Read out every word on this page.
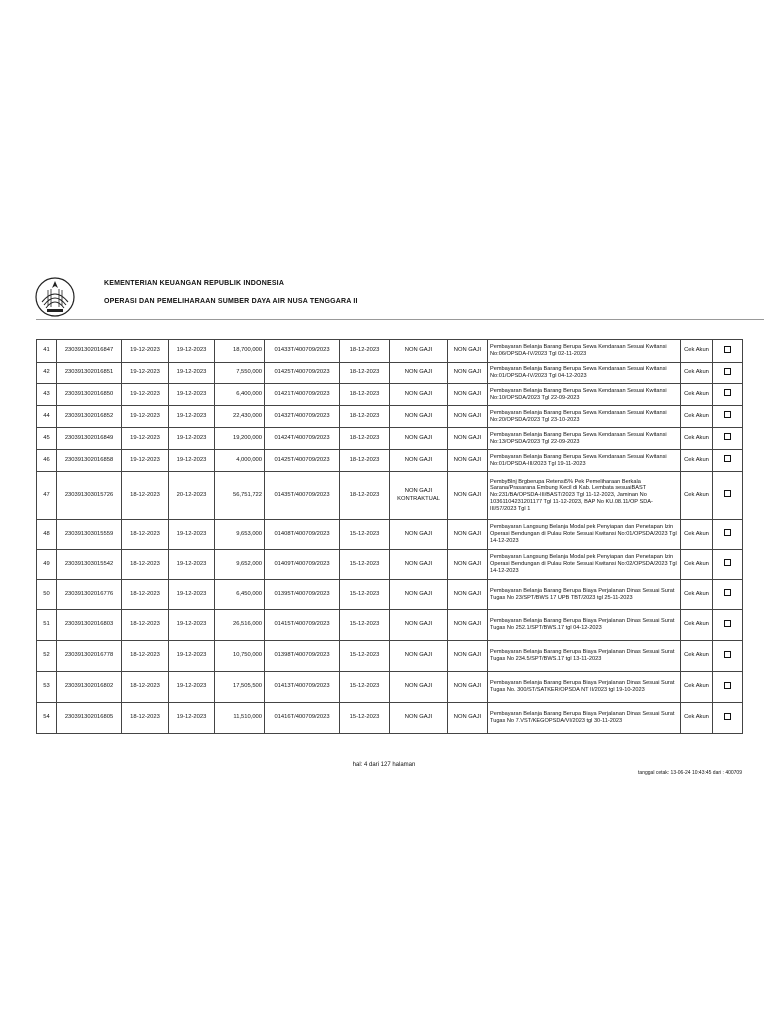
KEMENTERIAN KEUANGAN REPUBLIK INDONESIA
OPERASI DAN PEMELIHARAAN SUMBER DAYA AIR NUSA TENGGARA II
41	230391302016847	19-12-2023	19-12-2023	18,700,000	01433T/400709/2023	18-12-2023	NON GAJI	NON GAJI	Pembayaran Belanja Barang Berupa Sewa Kendaraan Sesuai Kwitansi No:06/OPSDA-IV/2023 Tgl 02-11-2023	Cek Akun	
42	230391302016851	19-12-2023	19-12-2023	7,550,000	01425T/400709/2023	18-12-2023	NON GAJI	NON GAJI	Pembayaran Belanja Barang Berupa Sewa Kendaraan Sesuai Kwitansi No:01/OPSDA-IV/2023 Tgl 04-12-2023	Cek Akun	
43	230391302016850	19-12-2023	19-12-2023	6,400,000	01421T/400709/2023	18-12-2023	NON GAJI	NON GAJI	Pembayaran Belanja Barang Berupa Sewa Kendaraan Sesuai Kwitansi No:10/OPSDA/2023 Tgl 22-09-2023	Cek Akun	
44	230391302016852	19-12-2023	19-12-2023	22,430,000	01432T/400709/2023	18-12-2023	NON GAJI	NON GAJI	Pembayaran Belanja Barang Berupa Sewa Kendaraan Sesuai Kwitansi No:20/OPSDA/2023 Tgl 23-10-2023	Cek Akun	
45	230391302016849	19-12-2023	19-12-2023	19,200,000	01424T/400709/2023	18-12-2023	NON GAJI	NON GAJI	Pembayaran Belanja Barang Berupa Sewa Kendaraan Sesuai Kwitansi No:13/OPSDA/2023 Tgl 22-09-2023	Cek Akun	
46	230391302016858	19-12-2023	19-12-2023	4,000,000	01425T/400709/2023	18-12-2023	NON GAJI	NON GAJI	Pembayaran Belanja Barang Berupa Sewa Kendaraan Sesuai Kwitansi No:01/OPSDA-III/2023 Tgl 19-11-2023	Cek Akun	
47	230391303015726	18-12-2023	20-12-2023	56,751,722	01435T/400709/2023	18-12-2023	NON GAJI KONTRAKTUAL	NON GAJI	PembyBlnj Brgberupa Retensi5% Pek Pemeliharaan Berkala Sarana/Prasarana Embung Kecil di Kab. Lembata sesuaiBAST No:231/BA/OPSDA-III/BAST/2023 Tgl 11-12-2023, Jaminan No 10361104231201177 Tgl 11-12-2023, BAP No KU.08.11/OP SDA-III/57/2023 Tgl 1	Cek Akun	
48	230391303015559	18-12-2023	19-12-2023	9,653,000	01408T/400709/2023	15-12-2023	NON GAJI	NON GAJI	Pembayaran Langsung Belanja Modal pek Penyiapan dan Penetapan Izin Operasi Bendungan di Pulau Rote Sesuai Kwitansi No:01/OPSDA/2023 Tgl 14-12-2023	Cek Akun	
49	230391303015542	18-12-2023	19-12-2023	9,652,000	01409T/400709/2023	15-12-2023	NON GAJI	NON GAJI	Pembayaran Langsung Belanja Modal pek Penyiapan dan Penetapan Izin Operasi Bendungan di Pulau Rote Sesuai Kwitansi No:02/OPSDA/2023 Tgl 14-12-2023	Cek Akun	
50	230391302016776	18-12-2023	19-12-2023	6,450,000	01395T/400709/2023	15-12-2023	NON GAJI	NON GAJI	Pembayaran Belanja Barang Berupa Biaya Perjalanan Dinas Sesuai Surat Tugas No 23/SPT/BWS 17 UPB TBT/2023 tgl 25-11-2023	Cek Akun	
51	230391302016803	18-12-2023	19-12-2023	26,516,000	01415T/400709/2023	15-12-2023	NON GAJI	NON GAJI	Pembayaran Belanja Barang Berupa Biaya Perjalanan Dinas Sesuai Surat Tugas No 252.1/SPT/BWS.17 tgl 04-12-2023	Cek Akun	
52	230391302016778	18-12-2023	19-12-2023	10,750,000	01398T/400709/2023	15-12-2023	NON GAJI	NON GAJI	Pembayaran Belanja Barang Berupa Biaya Perjalanan Dinas Sesuai Surat Tugas No 234.5/SPT/BWS.17 tgl 13-11-2023	Cek Akun	
53	230391302016802	18-12-2023	19-12-2023	17,505,500	01413T/400709/2023	15-12-2023	NON GAJI	NON GAJI	Pembayaran Belanja Barang Berupa Biaya Perjalanan Dinas Sesuai Surat Tugas No. 300/ST/SATKER/OPSDA NT II/2023 tgl 19-10-2023	Cek Akun	
54	230391302016805	18-12-2023	19-12-2023	11,510,000	01416T/400709/2023	15-12-2023	NON GAJI	NON GAJI	Pembayaran Belanja Barang Berupa Biaya Perjalanan Dinas Sesuai Surat Tugas No 7.VST/KEGOPSDA/VI/2023 tgl 30-11-2023	Cek Akun	
hal: 4 dari 127 halaman
tanggal cetak: 13-06-24 10:43:45 dari : 400709
